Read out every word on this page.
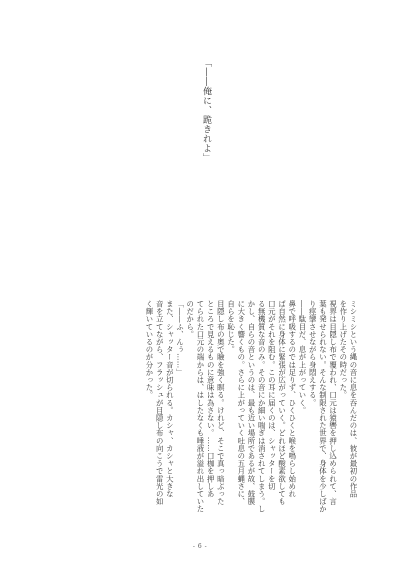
「――俺に、跪きれよ」
ミシミシという縄の音に息を吞んだのは、彼が最初の作品
を作り上げたその時だった。
視界は目隠し布で覆われ、口元は猿轡を押し込められて、言
葉も発せられない。そんな制限された世界で、身体を少しばか
り痙攣させながら身悶えする。
――駄目だ、息が上がっていく。
鼻で呼吸するのでは足りず、ひくひくと喉を鳴らし始めれ
ば自然に身体に緊張が広がっていく。どれほど酸素欲しても
口元がそれを阻む。この耳に届くのは、シャッターを切
る無機質な音のみ。その音にか細い喘ぎは消されてしまう。し
かし、自らの音というのは、最も近い場所であるが故、鼓膜
に大きく響くもの。さらに上がっていく吐息の五月蝿さに、
自らを恥じた。
目隠し布の奥で瞼を強く瞑る。けれど、そこで真っ暗ぶった
ところで見えるものに意味は為さない。……口枷を押しあ
てられた口元の端からは、はしたなくも唾液が溢れ出していた
のだから。
「――ふ、んぅ……」
また、シャッター音が切られる。カシャ、カシャと大きな
音を立てながら、フラッシュが目隠し布の向こうで雷光の如
く輝いているのが分かった。
- 6 -
